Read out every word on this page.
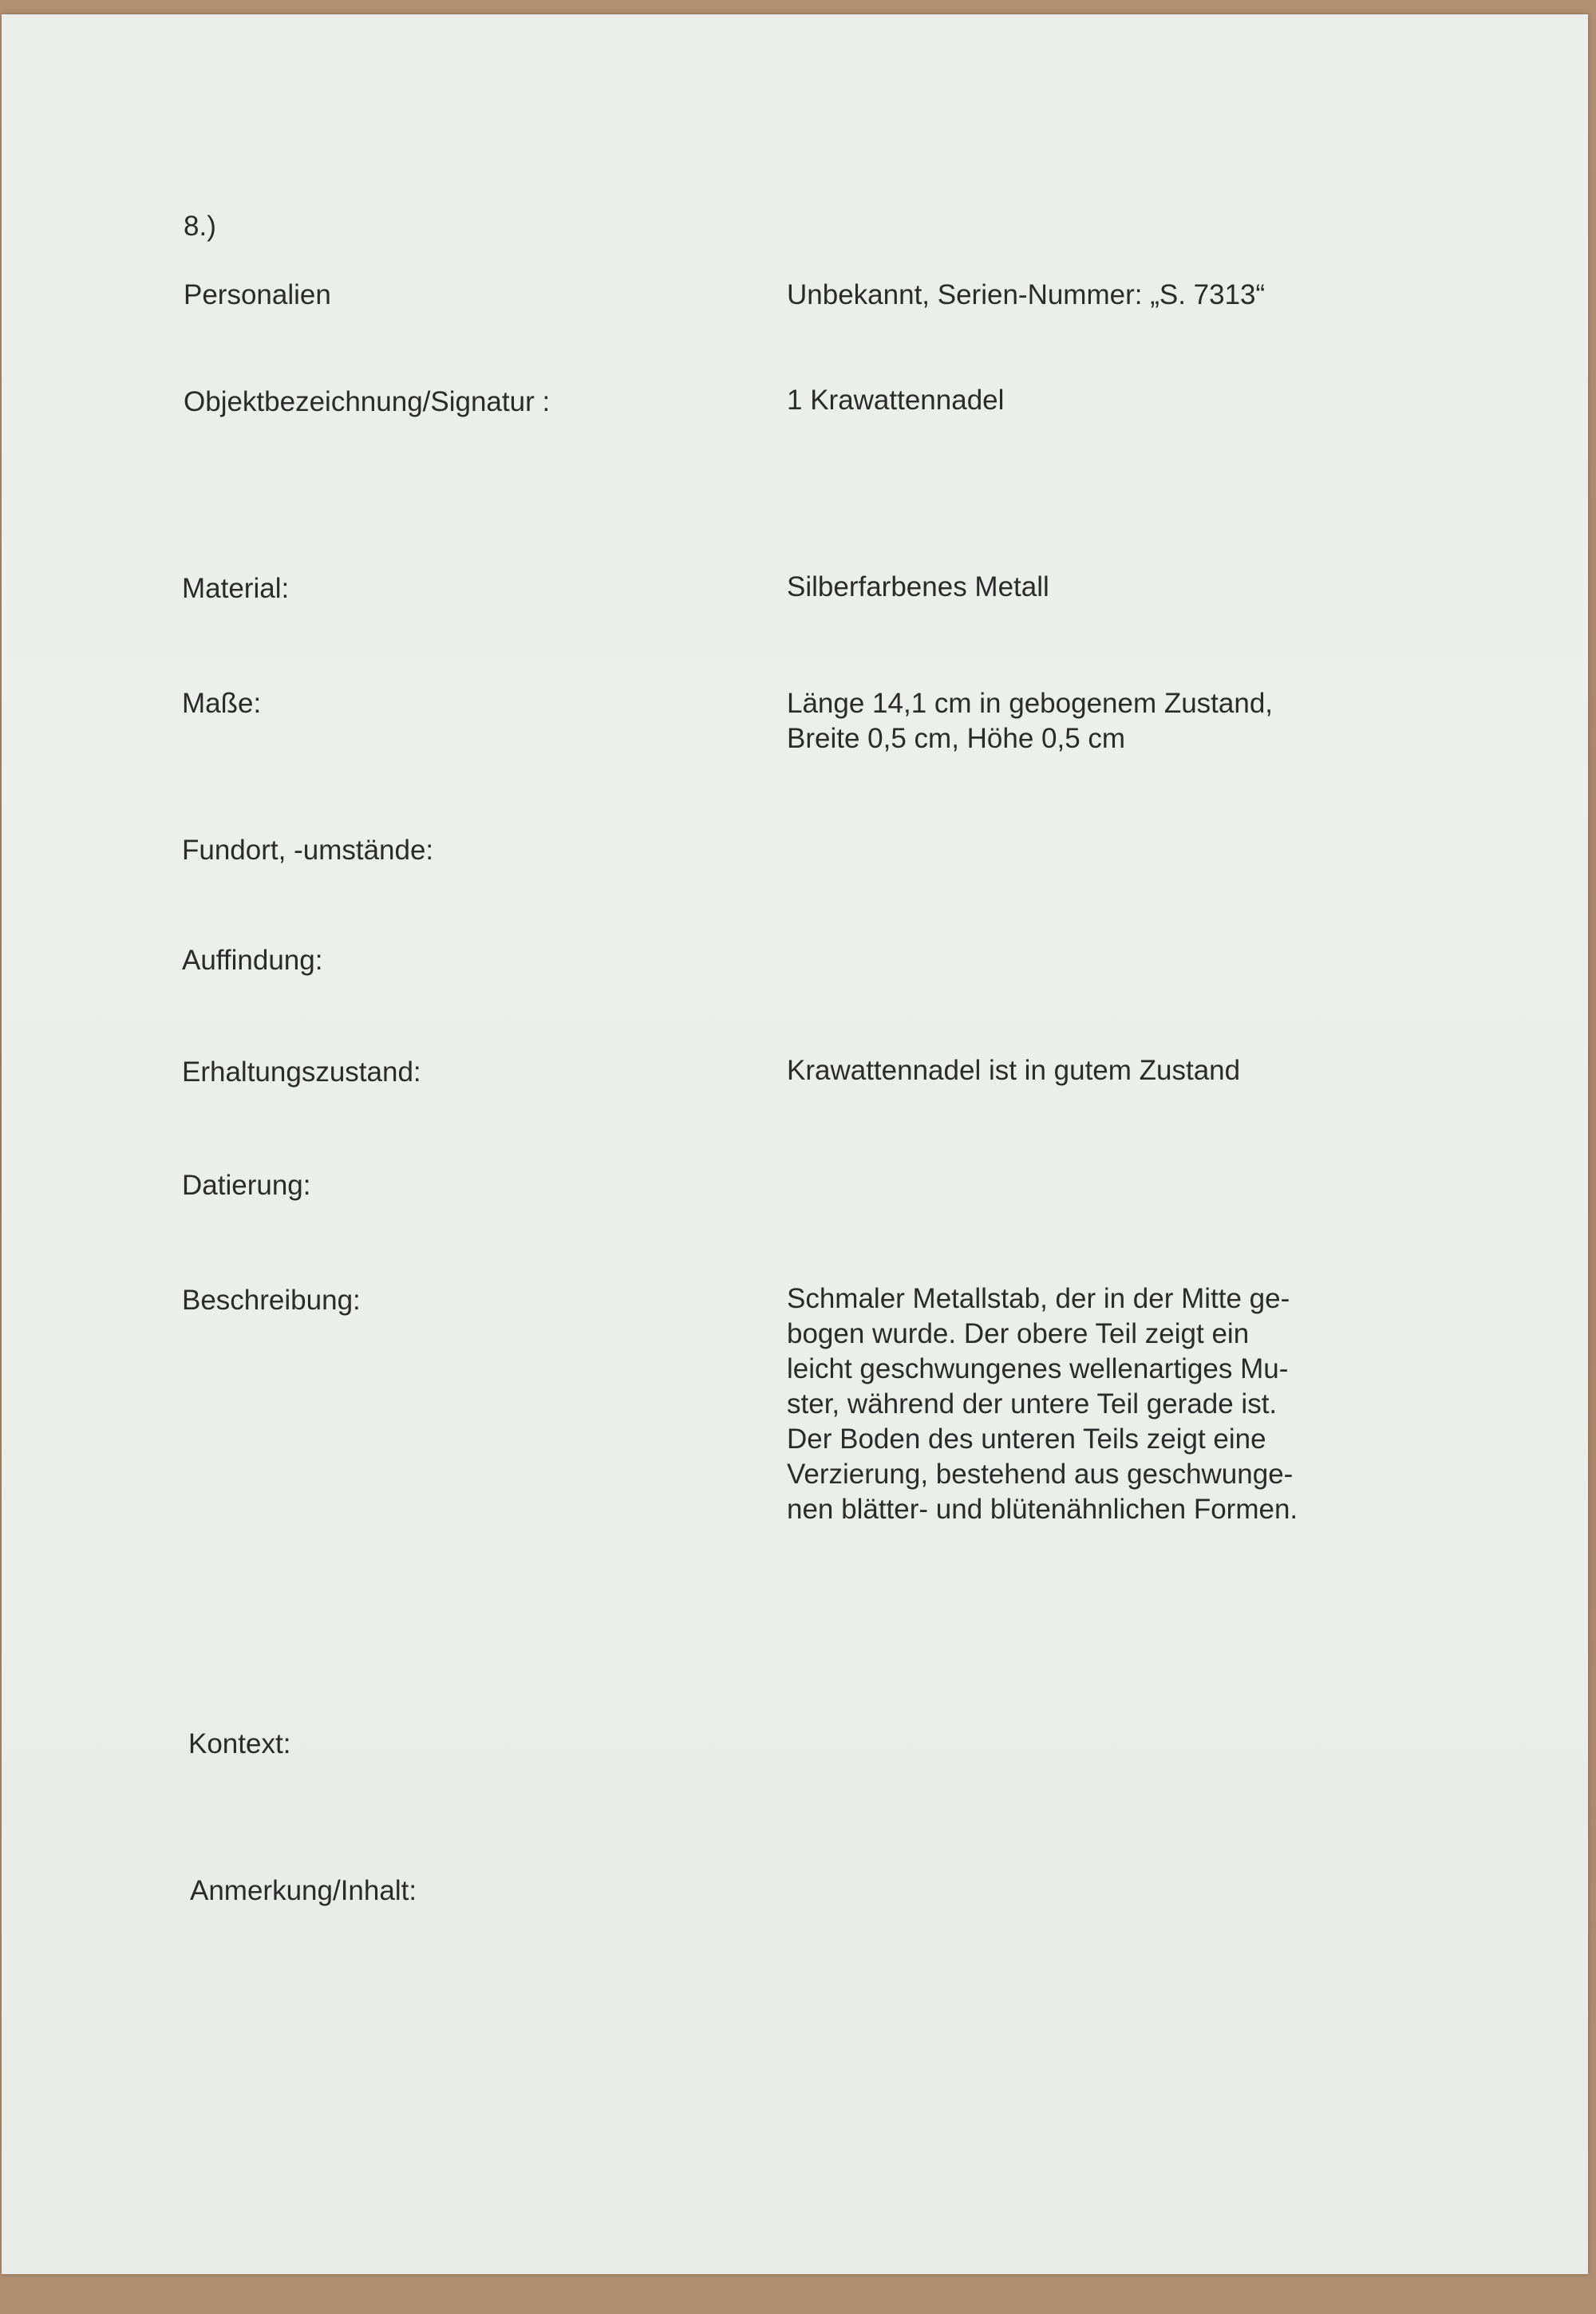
8.)
Personalien	Unbekannt, Serien-Nummer: „S. 7313“
Objektbezeichnung/Signatur :	1 Krawattennadel
Material:	Silberfarbenes Metall
Maße:	Länge 14,1 cm in gebogenem Zustand,
Breite 0,5 cm, Höhe 0,5 cm
Fundort, -umstände:
Auffindung:
Erhaltungszustand:	Krawattennadel ist in gutem Zustand
Datierung:
Beschreibung:	Schmaler Metallstab, der in der Mitte ge-
bogen wurde. Der obere Teil zeigt ein
leicht geschwungenes wellenartiges Mu-
ster, während der untere Teil gerade ist.
Der Boden des unteren Teils zeigt eine
Verzierung, bestehend aus geschwunge-
nen blätter- und blütenähnlichen Formen.
Kontext:
Anmerkung/Inhalt:
